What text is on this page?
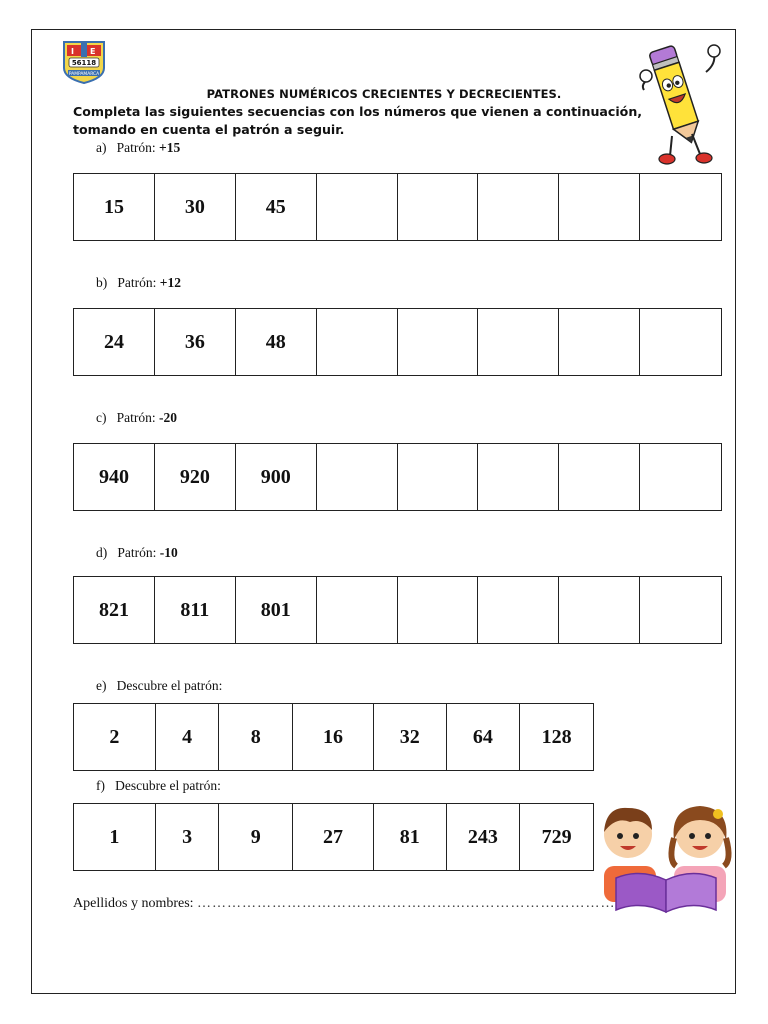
I E
56118
PAMPAMARCA
PATRONES NUMÉRICOS CRECIENTES Y DECRECIENTES.
Completa las siguientes secuencias con los números que vienen a continuación, tomando en cuenta el patrón a seguir.
a) Patrón: +15
15	30	45
b) Patrón: +12
24	36	48
c) Patrón: -20
940	920	900
d) Patrón: -10
821	811	801
e) Descubre el patrón:
2	4	8	16	32	64	128
f) Descubre el patrón:
1	3	9	27	81	243	729
Apellidos y nombres: ……………………………………………...…………………………
